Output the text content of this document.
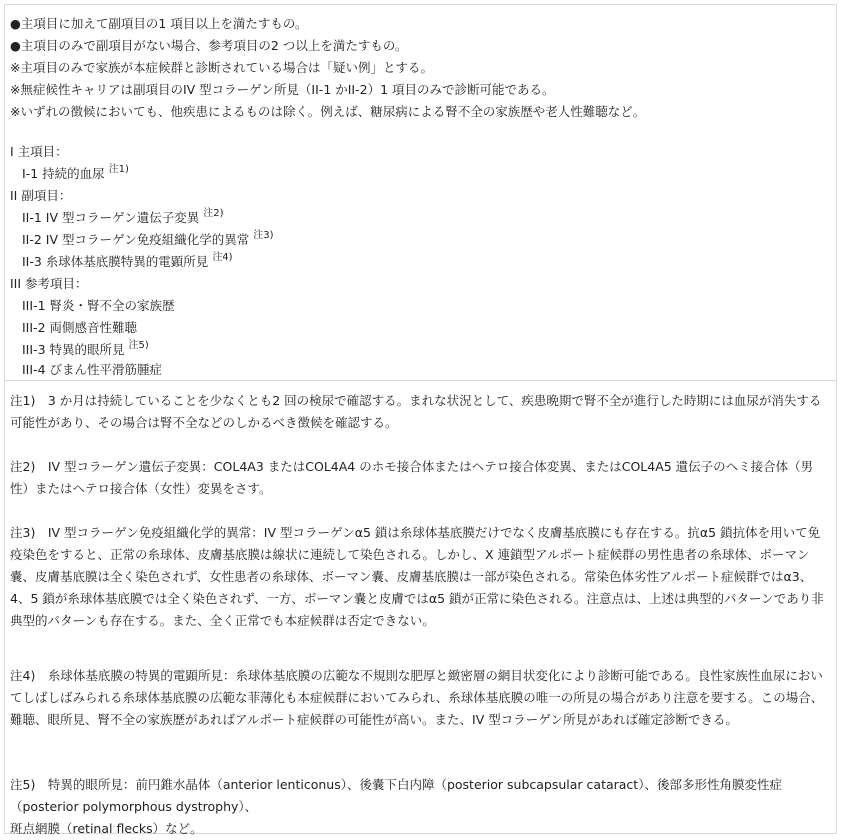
●主項目に加えて副項目の1 項目以上を満たすもの。
●主項目のみで副項目がない場合、参考項目の2 つ以上を満たすもの。
※主項目のみで家族が本症候群と診断されている場合は「疑い例」とする。
※無症候性キャリアは副項目のIV 型コラーゲン所見（II-1 かII-2）1 項目のみで診断可能である。
※いずれの徴候においても、他疾患によるものは除く。例えば、糖尿病による腎不全の家族歴や老人性難聴など。
I 主項目：
I-1 持続的血尿 $^{注1)}$
II 副項目：
II-1 IV 型コラーゲン遺伝子変異 $^{注2)}$
II-2 IV 型コラーゲン免疫組織化学的異常 $^{注3)}$
II-3 糸球体基底膜特異的電顕所見 $^{注4)}$
III 参考項目：
III-1 腎炎・腎不全の家族歴
III-2 両側感音性難聴
III-3 特異的眼所見 $^{注5)}$
III-4 びまん性平滑筋腫症

注1)　3 か月は持続していることを少なくとも2 回の検尿で確認する。まれな状況として、疾患晩期で腎不全が進行した時期には血尿が消失する可能性があり、その場合は腎不全などのしかるべき徴候を確認する。

注2)　IV 型コラーゲン遺伝子変異：COL4A3 またはCOL4A4 のホモ接合体またはヘテロ接合体変異、またはCOL4A5 遺伝子のヘミ接合体（男性）またはヘテロ接合体（女性）変異をさす。

注3)　IV 型コラーゲン免疫組織化学的異常：IV 型コラーゲンα5 鎖は糸球体基底膜だけでなく皮膚基底膜にも存在する。抗α5 鎖抗体を用いて免疫染色をすると、正常の糸球体、皮膚基底膜は線状に連続して染色される。しかし、X 連鎖型アルポート症候群の男性患者の糸球体、ボーマン嚢、皮膚基底膜は全く染色されず、女性患者の糸球体、ボーマン嚢、皮膚基底膜は一部が染色される。常染色体劣性アルポート症候群ではα3、4、5 鎖が糸球体基底膜では全く染色されず、一方、ボーマン嚢と皮膚ではα5 鎖が正常に染色される。注意点は、上述は典型的パターンであり非典型的パターンも存在する。また、全く正常でも本症候群は否定できない。

注4)　糸球体基底膜の特異的電顕所見：糸球体基底膜の広範な不規則な肥厚と緻密層の網目状変化により診断可能である。良性家族性血尿においてしばしばみられる糸球体基底膜の広範な菲薄化も本症候群においてみられ、糸球体基底膜の唯一の所見の場合があり注意を要する。この場合、難聴、眼所見、腎不全の家族歴があればアルポート症候群の可能性が高い。また、IV 型コラーゲン所見があれば確定診断できる。

注5)　特異的眼所見：前円錐水晶体（anterior lenticonus）、後嚢下白内障（posterior subcapsular cataract）、後部多形性角膜変性症（posterior polymorphous dystrophy）、

斑点網膜（retinal flecks）など。
